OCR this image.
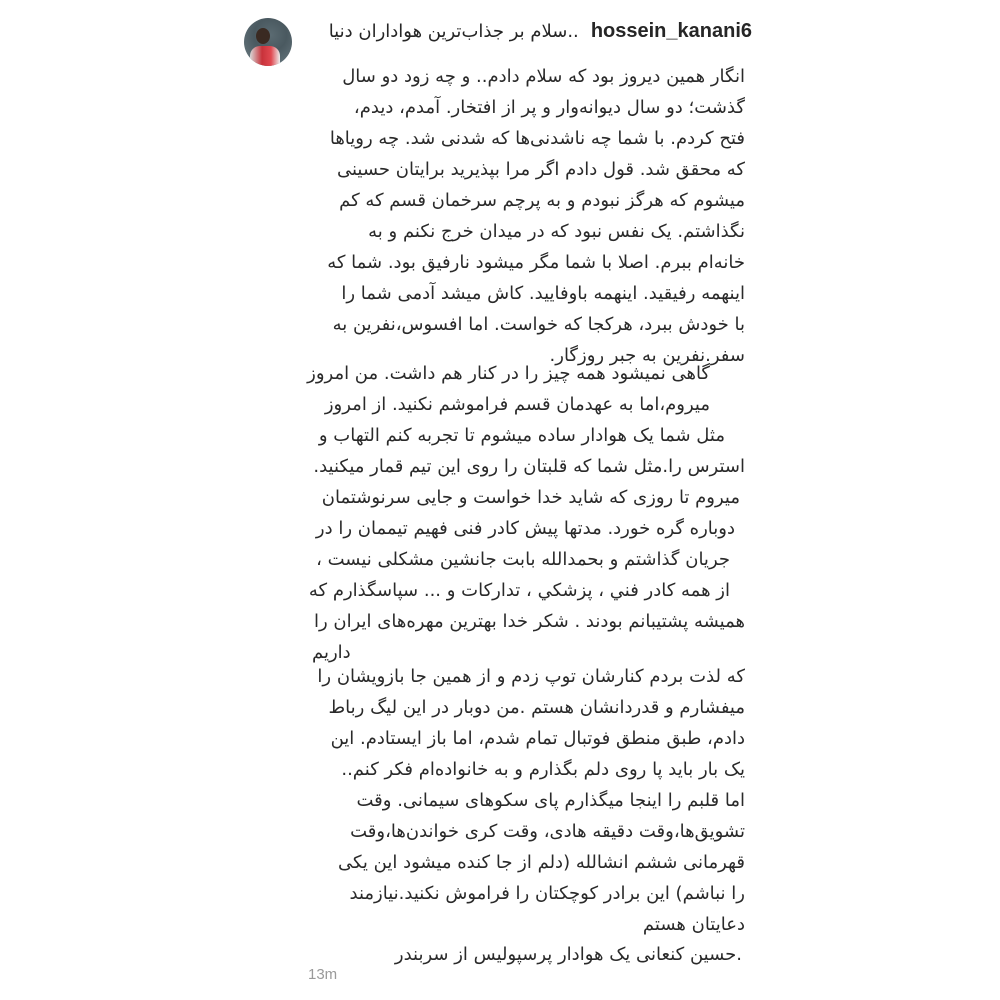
..سلام بر جذاب‌ترین هواداران دنیا hossein_kanani6
انگار همین دیروز بود که سلام دادم.. و چه زود دو سال
گذشت؛ دو سال دیوانه‌وار و پر از افتخار. آمدم، دیدم،
فتح کردم. با شما چه ناشدنی‌ها که شدنی شد. چه رویاها
که محقق شد. قول دادم اگر مرا بپذیرید برایتان حسینی
میشوم که هرگز نبودم و به پرچم سرخمان قسم که کم
نگذاشتم. یک نفس نبود که در میدان خرج نکنم و به
خانه‌ام ببرم. اصلا با شما مگر میشود نارفیق بود. شما که
اینهمه رفیقید. اینهمه باوفایید. کاش میشد آدمی شما را
با خودش ببرد، هرکجا که خواست. اما افسوس،نفرین به
سفر.نفرین به جبر روزگار.
گاهی نمیشود همه چیز را در کنار هم داشت. من امروز
میروم،اما به عهدمان قسم فراموشم نکنید. از امروز
مثل شما یک هوادار ساده میشوم تا تجربه کنم التهاب و
استرس را.مثل شما که قلبتان را روی این تیم قمار میکنید.
میروم تا روزی که شاید خدا خواست و جایی سرنوشتمان
دوباره گره خورد. مدتها پیش کادر فنی فهیم تیممان را در
جریان گذاشتم و بحمدالله بابت جانشین مشکلی نیست ،
از همه کادر فني ، پزشكي ، تداركات و ... سپاسگذارم كه
همیشه پشتیبانم بودند . شکر خدا بهترین مهره‌های ایران را
داریم
که لذت بردم کنارشان توپ زدم و از همین جا بازویشان را
میفشارم و قدردانشان هستم .من دوبار در این لیگ رباط
دادم، طبق منطق فوتبال تمام شدم، اما باز ایستادم. این
یک بار باید پا روی دلم بگذارم و به خانواده‌ام فکر کنم..
اما قلبم را اینجا میگذارم پای سکوهای سیمانی. وقت
تشویق‌ها،وقت دقیقه هادی، وقت کری خواندن‌ها،وقت
قهرمانی ششم انشالله (دلم از جا کنده میشود این یکی
را نباشم) این برادر کوچکتان را فراموش نکنید.نیازمند
دعایتان هستم
.حسین کنعانی یک هوادار پرسپولیس از سربندر
13m
